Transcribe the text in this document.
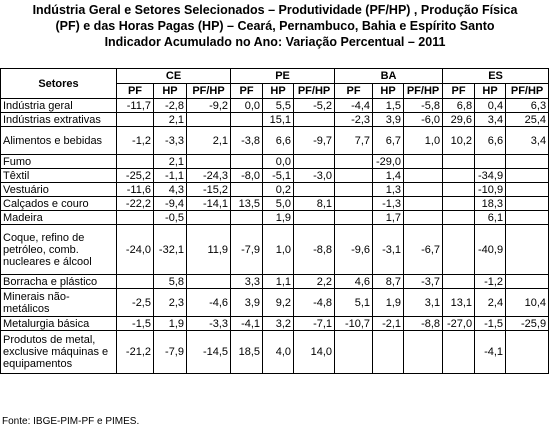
Indústria Geral e Setores Selecionados – Produtividade (PF/HP) , Produção Física
(PF) e das Horas Pagas (HP) – Ceará, Pernambuco, Bahia e Espírito Santo
Indicador Acumulado no Ano: Variação Percentual – 2011
Setores	CE			PE			BA			ES		
	PF	HP	PF/HP	PF	HP	PF/HP	PF	HP	PF/HP	PF	HP	PF/HP
Indústria geral	-11,7	-2,8	-9,2	0,0	5,5	-5,2	-4,4	1,5	-5,8	6,8	0,4	6,3
Indústrias extrativas		2,1			15,1		-2,3	3,9	-6,0	29,6	3,4	25,4
Alimentos e bebidas	-1,2	-3,3	2,1	-3,8	6,6	-9,7	7,7	6,7	1,0	10,2	6,6	3,4
Fumo		2,1			0,0			-29,0				
Têxtil	-25,2	-1,1	-24,3	-8,0	-5,1	-3,0		1,4			-34,9	
Vestuário	-11,6	4,3	-15,2		0,2			1,3			-10,9	
Calçados e couro	-22,2	-9,4	-14,1	13,5	5,0	8,1		-1,3			18,3	
Madeira		-0,5			1,9			1,7			6,1	
Coque, refino de petróleo, comb. nucleares e álcool	-24,0	-32,1	11,9	-7,9	1,0	-8,8	-9,6	-3,1	-6,7		-40,9	
Borracha e plástico		5,8		3,3	1,1	2,2	4,6	8,7	-3,7		-1,2	
Minerais não-metálicos	-2,5	2,3	-4,6	3,9	9,2	-4,8	5,1	1,9	3,1	13,1	2,4	10,4
Metalurgia básica	-1,5	1,9	-3,3	-4,1	3,2	-7,1	-10,7	-2,1	-8,8	-27,0	-1,5	-25,9
Produtos de metal, exclusive máquinas e equipamentos	-21,2	-7,9	-14,5	18,5	4,0	14,0					-4,1	
Fonte: IBGE-PIM-PF e PIMES.
